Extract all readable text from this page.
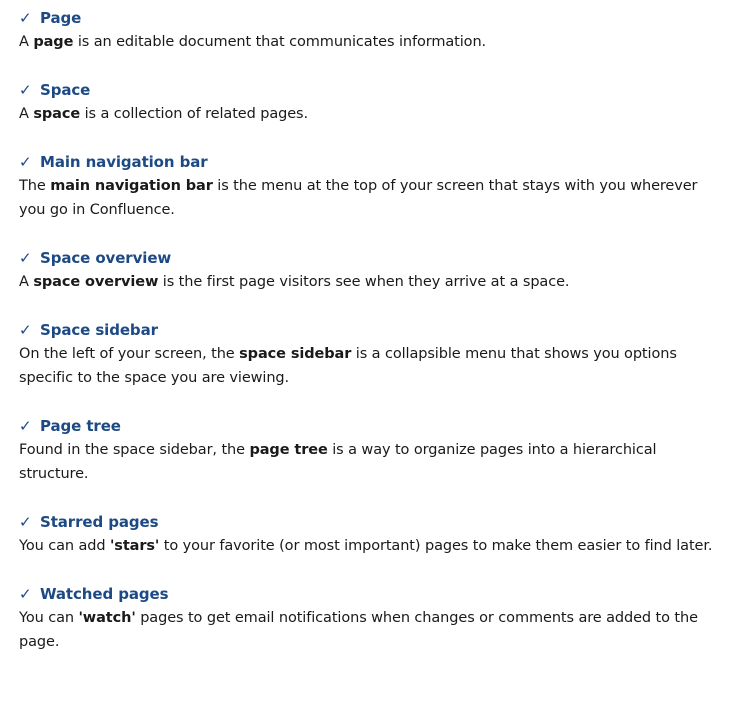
✓ Page
A page is an editable document that communicates information.
✓ Space
A space is a collection of related pages.
✓ Main navigation bar
The main navigation bar is the menu at the top of your screen that stays with you wherever you go in Confluence.
✓ Space overview
A space overview is the first page visitors see when they arrive at a space.
✓ Space sidebar
On the left of your screen, the space sidebar is a collapsible menu that shows you options specific to the space you are viewing.
✓ Page tree
Found in the space sidebar, the page tree is a way to organize pages into a hierarchical structure.
✓ Starred pages
You can add 'stars' to your favorite (or most important) pages to make them easier to find later.
✓ Watched pages
You can 'watch' pages to get email notifications when changes or comments are added to the page.
